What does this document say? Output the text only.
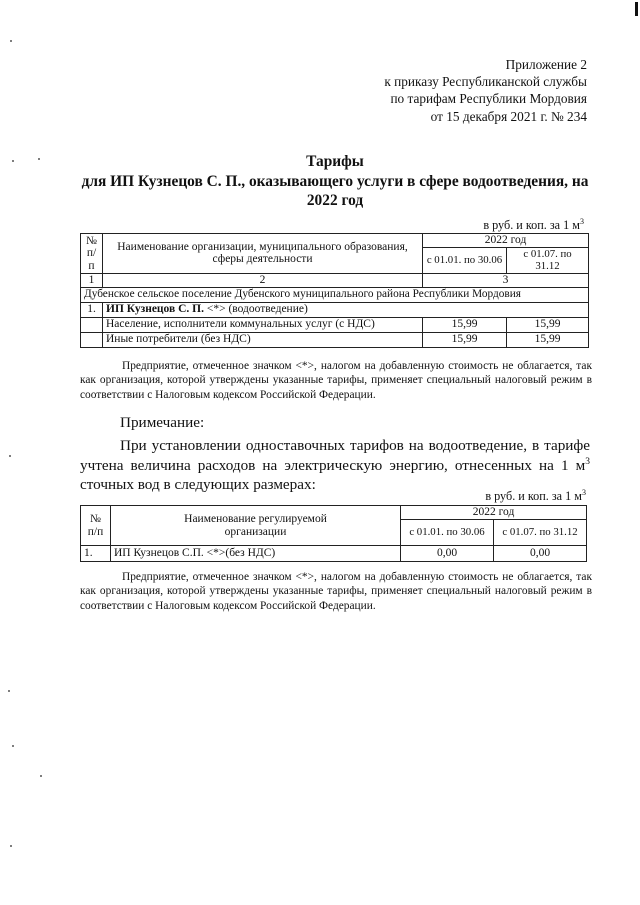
Приложение 2
к приказу Республиканской службы
по тарифам Республики Мордовия
от 15 декабря 2021 г. № 234
Тарифы
для ИП Кузнецов С. П., оказывающего услуги в сфере водоотведения, на
2022 год
в руб. и коп. за 1 $м^3$
№ п/п	Наименование организации, муниципального образования, сферы деятельности	2022 год	
		с 01.01. по 30.06	с 01.07. по 31.12
1	2	3	
Дубенское сельское поселение Дубенского муниципального района Республики Мордовия			
1.	ИП Кузнецов С. П. <*> (водоотведение)		
	Население, исполнители коммунальных услуг (с НДС)	15,99	15,99
	Иные потребители (без НДС)	15,99	15,99
Предприятие, отмеченное значком <*>, налогом на добавленную стоимость не облагается, так как организация, которой утверждены указанные тарифы, применяет специальный налоговый режим в соответствии с Налоговым кодексом Российской Федерации.
Примечание:
При установлении одноставочных тарифов на водоотведение, в тарифе учтена величина расходов на электрическую энергию, отнесенных на 1 $м^3$ сточных вод в следующих размерах:
в руб. и коп. за 1 $м^3$
№ п/п	Наименование регулируемой организации	2022 год	
		с 01.01. по 30.06	с 01.07. по 31.12
1.	ИП Кузнецов С.П. <*>(без НДС)	0,00	0,00
Предприятие, отмеченное значком <*>, налогом на добавленную стоимость не облагается, так как организация, которой утверждены указанные тарифы, применяет специальный налоговый режим в соответствии с Налоговым кодексом Российской Федерации.
